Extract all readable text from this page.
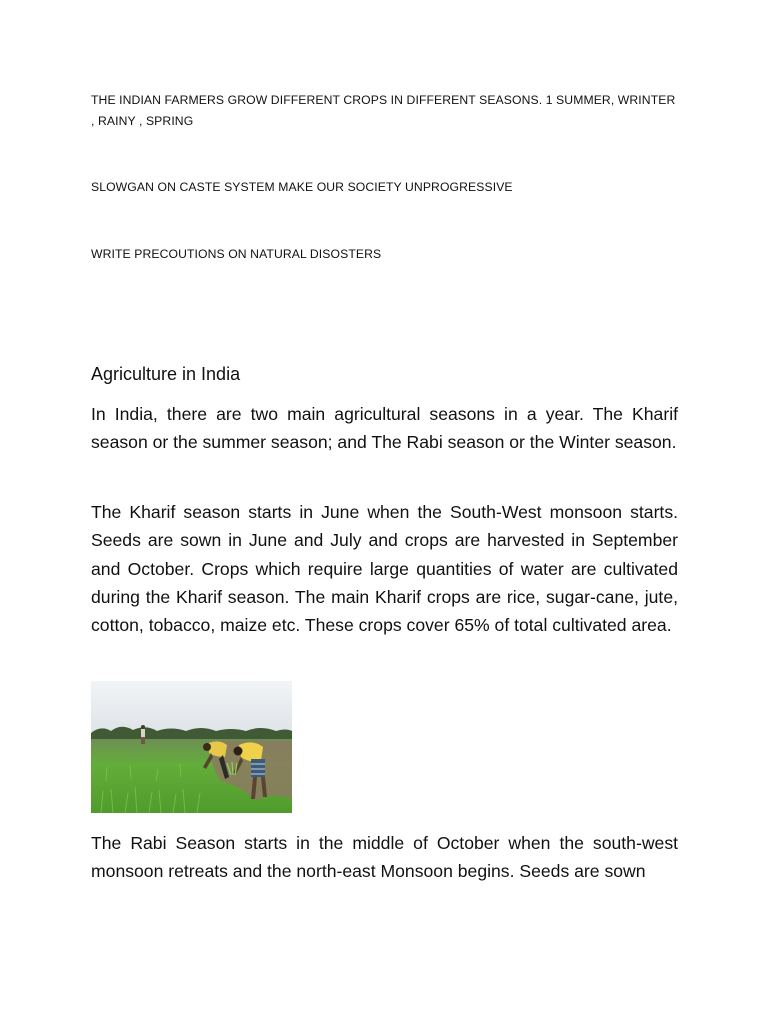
THE INDIAN FARMERS GROW DIFFERENT CROPS IN DIFFERENT SEASONS. 1 SUMMER, WRINTER , RAINY , SPRING

SLOWGAN ON CASTE SYSTEM MAKE OUR SOCIETY UNPROGRESSIVE

WRITE PRECOUTIONS ON NATURAL DISOSTERS

Agriculture in India

In India, there are two main agricultural seasons in a year. The Kharif season or the summer season; and The Rabi season or the Winter season.

The Kharif season starts in June when the South-West monsoon starts. Seeds are sown in June and July and crops are harvested in September and October. Crops which require large quantities of water are cultivated during the Kharif season. The main Kharif crops are rice, sugar-cane, jute, cotton, tobacco, maize etc. These crops cover 65% of total cultivated area.

The Rabi Season starts in the middle of October when the south-west monsoon retreats and the north-east Monsoon begins. Seeds are sown
